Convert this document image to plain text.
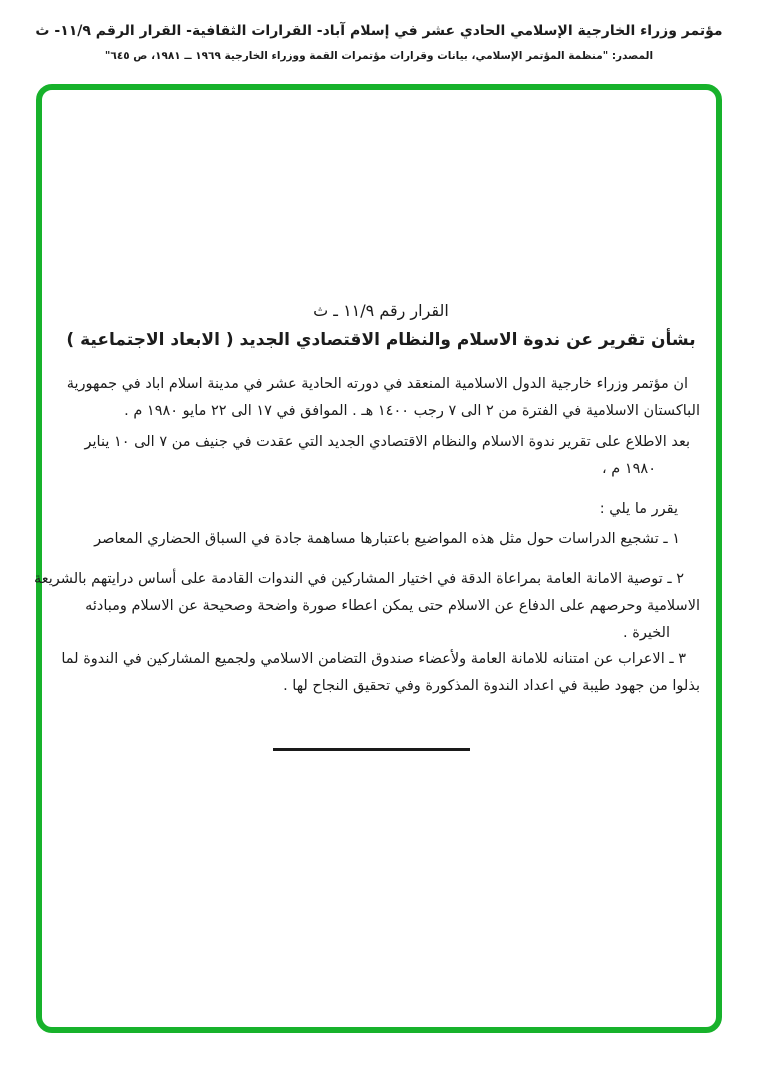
مؤتمر وزراء الخارجية الإسلامي الحادي عشر في إسلام آباد- القرارات الثقافية- القرار الرقم ١١/٩- ث
المصدر: "منظمة المؤتمر الإسلامي، بيانات وقرارات مؤتمرات القمة ووزراء الخارجية ١٩٦٩ ــ ١٩٨١، ص ٦٤٥"
القرار رقم ١١/٩ ـ ث
بشأن تقرير عن ندوة الاسلام والنظام الاقتصادي الجديد ( الابعاد الاجتماعية )
ان مؤتمر وزراء خارجية الدول الاسلامية المنعقد في دورته الحادية عشر في مدينة اسلام اباد في جمهورية
الباكستان الاسلامية في الفترة من ٢ الى ٧ رجب ١٤٠٠ هـ . الموافق في ١٧ الى ٢٢ مايو ١٩٨٠ م .
بعد الاطلاع على تقرير ندوة الاسلام والنظام الاقتصادي الجديد التي عقدت في جنيف من ٧ الى ١٠ يناير
١٩٨٠ م ،
يقرر ما يلي :
١ ـ تشجيع الدراسات حول مثل هذه المواضيع باعتبارها مساهمة جادة في السباق الحضاري المعاصر
٢ ـ توصية الامانة العامة بمراعاة الدقة في اختيار المشاركين في الندوات القادمة على أساس درايتهم بالشريعة
الاسلامية وحرصهم على الدفاع عن الاسلام حتى يمكن اعطاء صورة واضحة وصحيحة عن الاسلام ومبادئه
الخيرة .
٣ ـ الاعراب عن امتنانه للامانة العامة ولأعضاء صندوق التضامن الاسلامي ولجميع المشاركين في الندوة لما
بذلوا من جهود طيبة في اعداد الندوة المذكورة وفي تحقيق النجاح لها .
